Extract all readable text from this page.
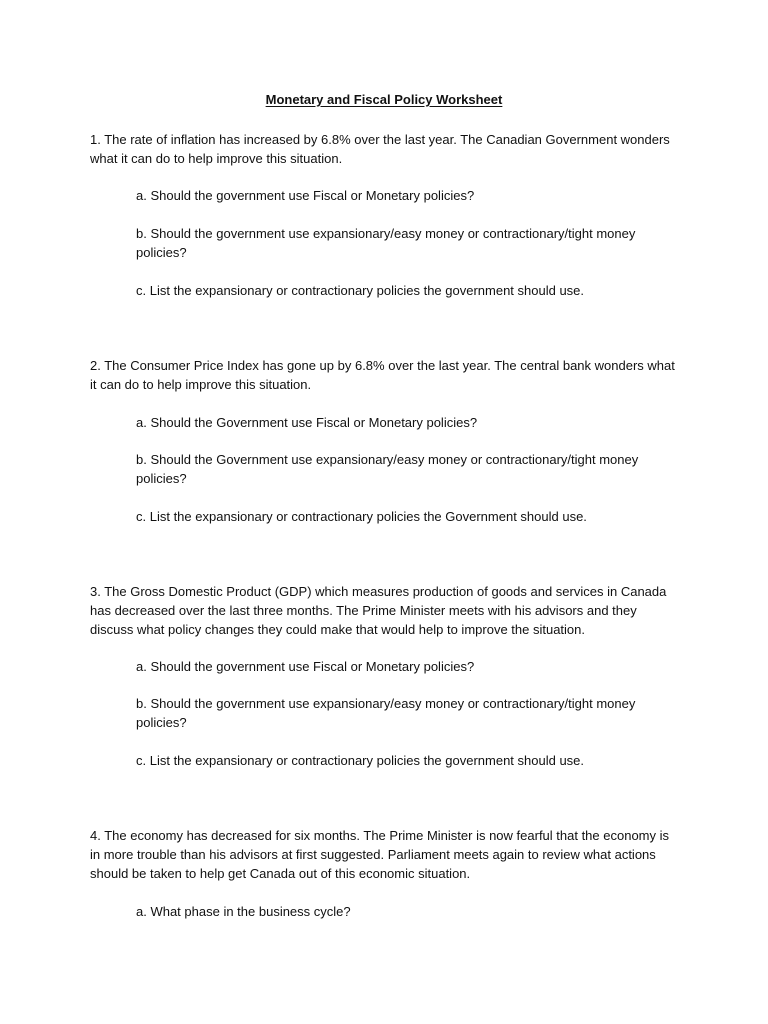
Monetary and Fiscal Policy Worksheet

1. The rate of inflation has increased by 6.8% over the last year. The Canadian Government wonders what it can do to help improve this situation.

a. Should the government use Fiscal or Monetary policies?

b. Should the government use expansionary/easy money or contractionary/tight money policies?

c. List the expansionary or contractionary policies the government should use.

2. The Consumer Price Index has gone up by 6.8% over the last year. The central bank wonders what it can do to help improve this situation.

a. Should the Government use Fiscal or Monetary policies?

b. Should the Government use expansionary/easy money or contractionary/tight money policies?

c. List the expansionary or contractionary policies the Government should use.

3. The Gross Domestic Product (GDP) which measures production of goods and services in Canada has decreased over the last three months. The Prime Minister meets with his advisors and they discuss what policy changes they could make that would help to improve the situation.

a. Should the government use Fiscal or Monetary policies?

b. Should the government use expansionary/easy money or contractionary/tight money policies?

c. List the expansionary or contractionary policies the government should use.

4. The economy has decreased for six months. The Prime Minister is now fearful that the economy is in more trouble than his advisors at first suggested. Parliament meets again to review what actions should be taken to help get Canada out of this economic situation.

a. What phase in the business cycle?
